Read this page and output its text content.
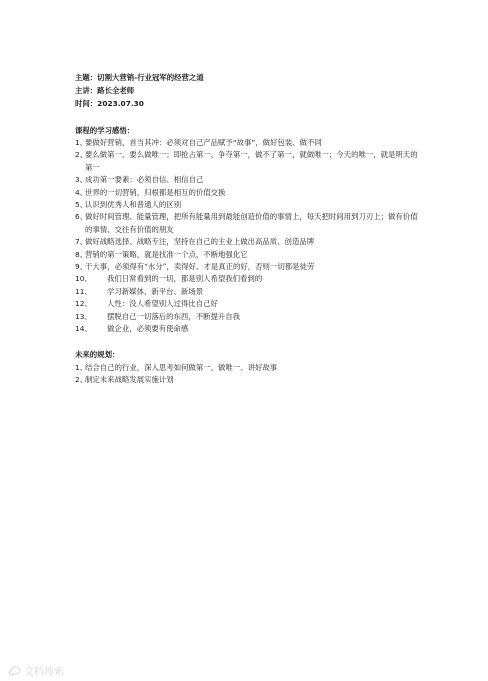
主题：切割大营销-行业冠军的经营之道

主讲：路长全老师

时间：2023.07.30

课程的学习感悟：

1、
要做好营销，首当其冲：必须对自己产品赋予“故事”，做好包装、做不同
2、
要么做第一、要么做唯一；即抢占第一、争夺第一，做不了第一，就做唯一；今天的唯一，就是明天的第一
3、
成功第一要素：必须自信、相信自己
4、
世界的一切营销，归根都是相互的价值交换
5、
认识到优秀人和普通人的区别
6、
做好时间管理、能量管理，把所有能量用到最能创造价值的事情上，每天把时间用到刀刃上；做有价值的事情、交往有价值的朋友
7、
做好战略选择、战略专注，坚持在自己的主业上做出高品质、创造品牌
8、
营销的第一策略，就是找准一个点，不断地强化它
9、
干大事，必须得有“水分”，卖得好、才是真正的好，否则一切都是徒劳
10、 我们日常看到的一切，都是别人希望我们看到的
11、 学习新媒体、新平台、新场景
12、 人性：没人希望别人过得比自己好
13、 摆脱自己一切落后的东西，不断提升自我
14、 做企业，必须要有使命感

未来的规划：

1、
结合自己的行业，深入思考如何做第一、做唯一、讲好故事
2、
制定未来战略发展实施计划
文档搜索
